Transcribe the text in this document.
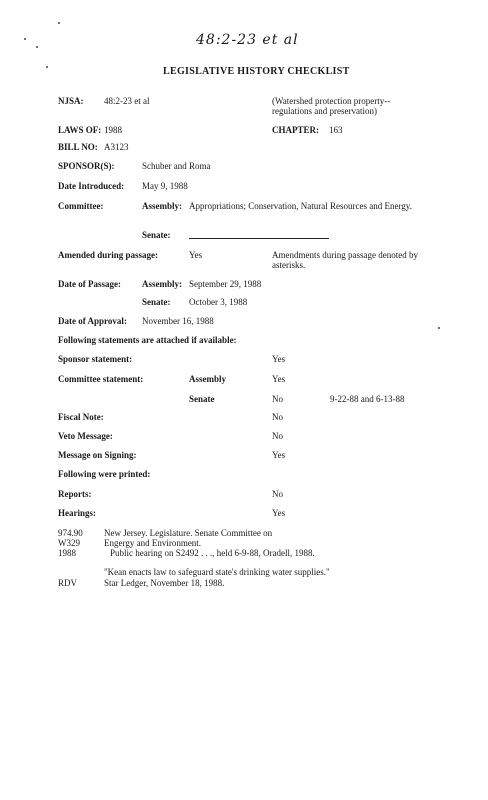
48:2-23 et al
LEGISLATIVE HISTORY CHECKLIST
NJSA: 48:2-23 et al	(Watershed protection property--regulations and preservation)
LAWS OF: 1988	CHAPTER: 163
BILL NO: A3123
SPONSOR(S):	Schuber and Roma
Date Introduced: May 9, 1988
Committee:	Assembly: Appropriations; Conservation, Natural Resources and Energy.
Senate:
Amended during passage:	Yes	Amendments during passage denoted by asterisks.
Date of Passage: Assembly: September 29, 1988
Senate: October 3, 1988
Date of Approval: November 16, 1988
Following statements are attached if available:
Sponsor statement:	Yes
Committee statement:	Assembly	Yes
Senate	No	9-22-88 and 6-13-88
Fiscal Note:	No
Veto Message:	No
Message on Signing:	Yes
Following were printed:
Reports:	No
Hearings:	Yes
974.90 New Jersey. Legislature. Senate Committee on
W329	Engergy and Environment.
1988	Public hearing on S2492 . . ., held 6-9-88, Oradell, 1988.
"Kean enacts law to safeguard state's drinking water supplies."
RDV	Star Ledger, November 18, 1988.
